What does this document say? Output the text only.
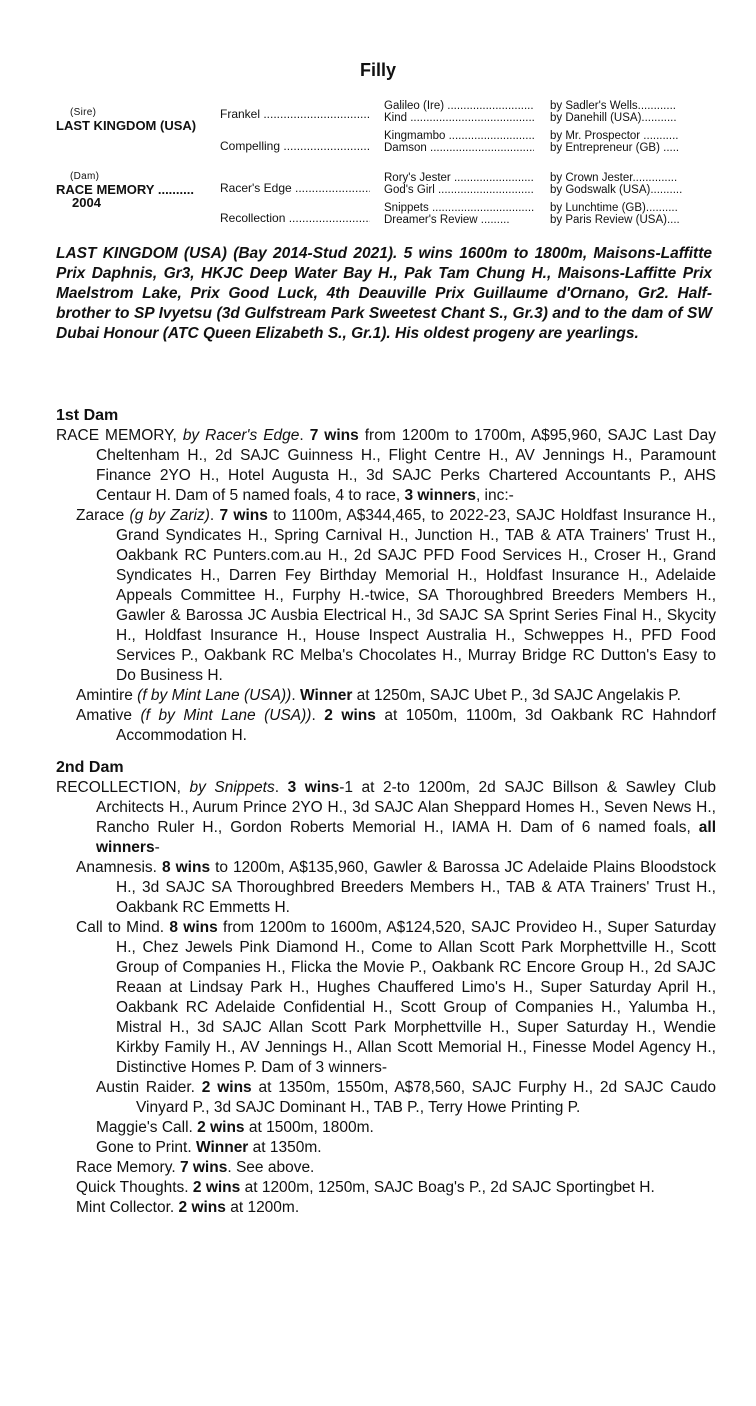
Filly
(Sire)
LAST KINGDOM (USA)
(Dam)
RACE MEMORY ..........
2004
Frankel .....
Compelling .....
Racer's Edge .....
Recollection .....
Galileo (Ire) .....
Kind .....
Kingmambo .....
Damson .....
Rory's Jester .....
God's Girl .....
Snippets .....
Dreamer's Review .........
by Sadler's Wells............
by Danehill (USA)...........
by Mr. Prospector ...........
by Entrepreneur (GB) .....
by Crown Jester..............
by Godswalk (USA)..........
by Lunchtime (GB)..........
by Paris Review (USA)....
LAST KINGDOM (USA) (Bay 2014-Stud 2021). 5 wins 1600m to 1800m, Maisons-Laffitte Prix Daphnis, Gr3, HKJC Deep Water Bay H., Pak Tam Chung H., Maisons-Laffitte Prix Maelstrom Lake, Prix Good Luck, 4th Deauville Prix Guillaume d'Ornano, Gr2. Half-brother to SP Ivyetsu (3d Gulfstream Park Sweetest Chant S., Gr.3) and to the dam of SW Dubai Honour (ATC Queen Elizabeth S., Gr.1). His oldest progeny are yearlings.
1st Dam
RACE MEMORY, by Racer's Edge. 7 wins from 1200m to 1700m, A$95,960, SAJC Last Day Cheltenham H., 2d SAJC Guinness H., Flight Centre H., AV Jennings H., Paramount Finance 2YO H., Hotel Augusta H., 3d SAJC Perks Chartered Accountants P., AHS Centaur H. Dam of 5 named foals, 4 to race, 3 winners, inc:-
Zarace (g by Zariz). 7 wins to 1100m, A$344,465, to 2022-23, SAJC Holdfast Insurance H., Grand Syndicates H., Spring Carnival H., Junction H., TAB & ATA Trainers' Trust H., Oakbank RC Punters.com.au H., 2d SAJC PFD Food Services H., Croser H., Grand Syndicates H., Darren Fey Birthday Memorial H., Holdfast Insurance H., Adelaide Appeals Committee H., Furphy H.-twice, SA Thoroughbred Breeders Members H., Gawler & Barossa JC Ausbia Electrical H., 3d SAJC SA Sprint Series Final H., Skycity H., Holdfast Insurance H., House Inspect Australia H., Schweppes H., PFD Food Services P., Oakbank RC Melba's Chocolates H., Murray Bridge RC Dutton's Easy to Do Business H.
Amintire (f by Mint Lane (USA)). Winner at 1250m, SAJC Ubet P., 3d SAJC Angelakis P.
Amative (f by Mint Lane (USA)). 2 wins at 1050m, 1100m, 3d Oakbank RC Hahndorf Accommodation H.
2nd Dam
RECOLLECTION, by Snippets. 3 wins-1 at 2-to 1200m, 2d SAJC Billson & Sawley Club Architects H., Aurum Prince 2YO H., 3d SAJC Alan Sheppard Homes H., Seven News H., Rancho Ruler H., Gordon Roberts Memorial H., IAMA H. Dam of 6 named foals, all winners-
Anamnesis. 8 wins to 1200m, A$135,960, Gawler & Barossa JC Adelaide Plains Bloodstock H., 3d SAJC SA Thoroughbred Breeders Members H., TAB & ATA Trainers' Trust H., Oakbank RC Emmetts H.
Call to Mind. 8 wins from 1200m to 1600m, A$124,520, SAJC Provideo H., Super Saturday H., Chez Jewels Pink Diamond H., Come to Allan Scott Park Morphettville H., Scott Group of Companies H., Flicka the Movie P., Oakbank RC Encore Group H., 2d SAJC Reaan at Lindsay Park H., Hughes Chauffered Limo's H., Super Saturday April H., Oakbank RC Adelaide Confidential H., Scott Group of Companies H., Yalumba H., Mistral H., 3d SAJC Allan Scott Park Morphettville H., Super Saturday H., Wendie Kirkby Family H., AV Jennings H., Allan Scott Memorial H., Finesse Model Agency H., Distinctive Homes P. Dam of 3 winners-
Austin Raider. 2 wins at 1350m, 1550m, A$78,560, SAJC Furphy H., 2d SAJC Caudo Vinyard P., 3d SAJC Dominant H., TAB P., Terry Howe Printing P.
Maggie's Call. 2 wins at 1500m, 1800m.
Gone to Print. Winner at 1350m.
Race Memory. 7 wins. See above.
Quick Thoughts. 2 wins at 1200m, 1250m, SAJC Boag's P., 2d SAJC Sportingbet H.
Mint Collector. 2 wins at 1200m.
